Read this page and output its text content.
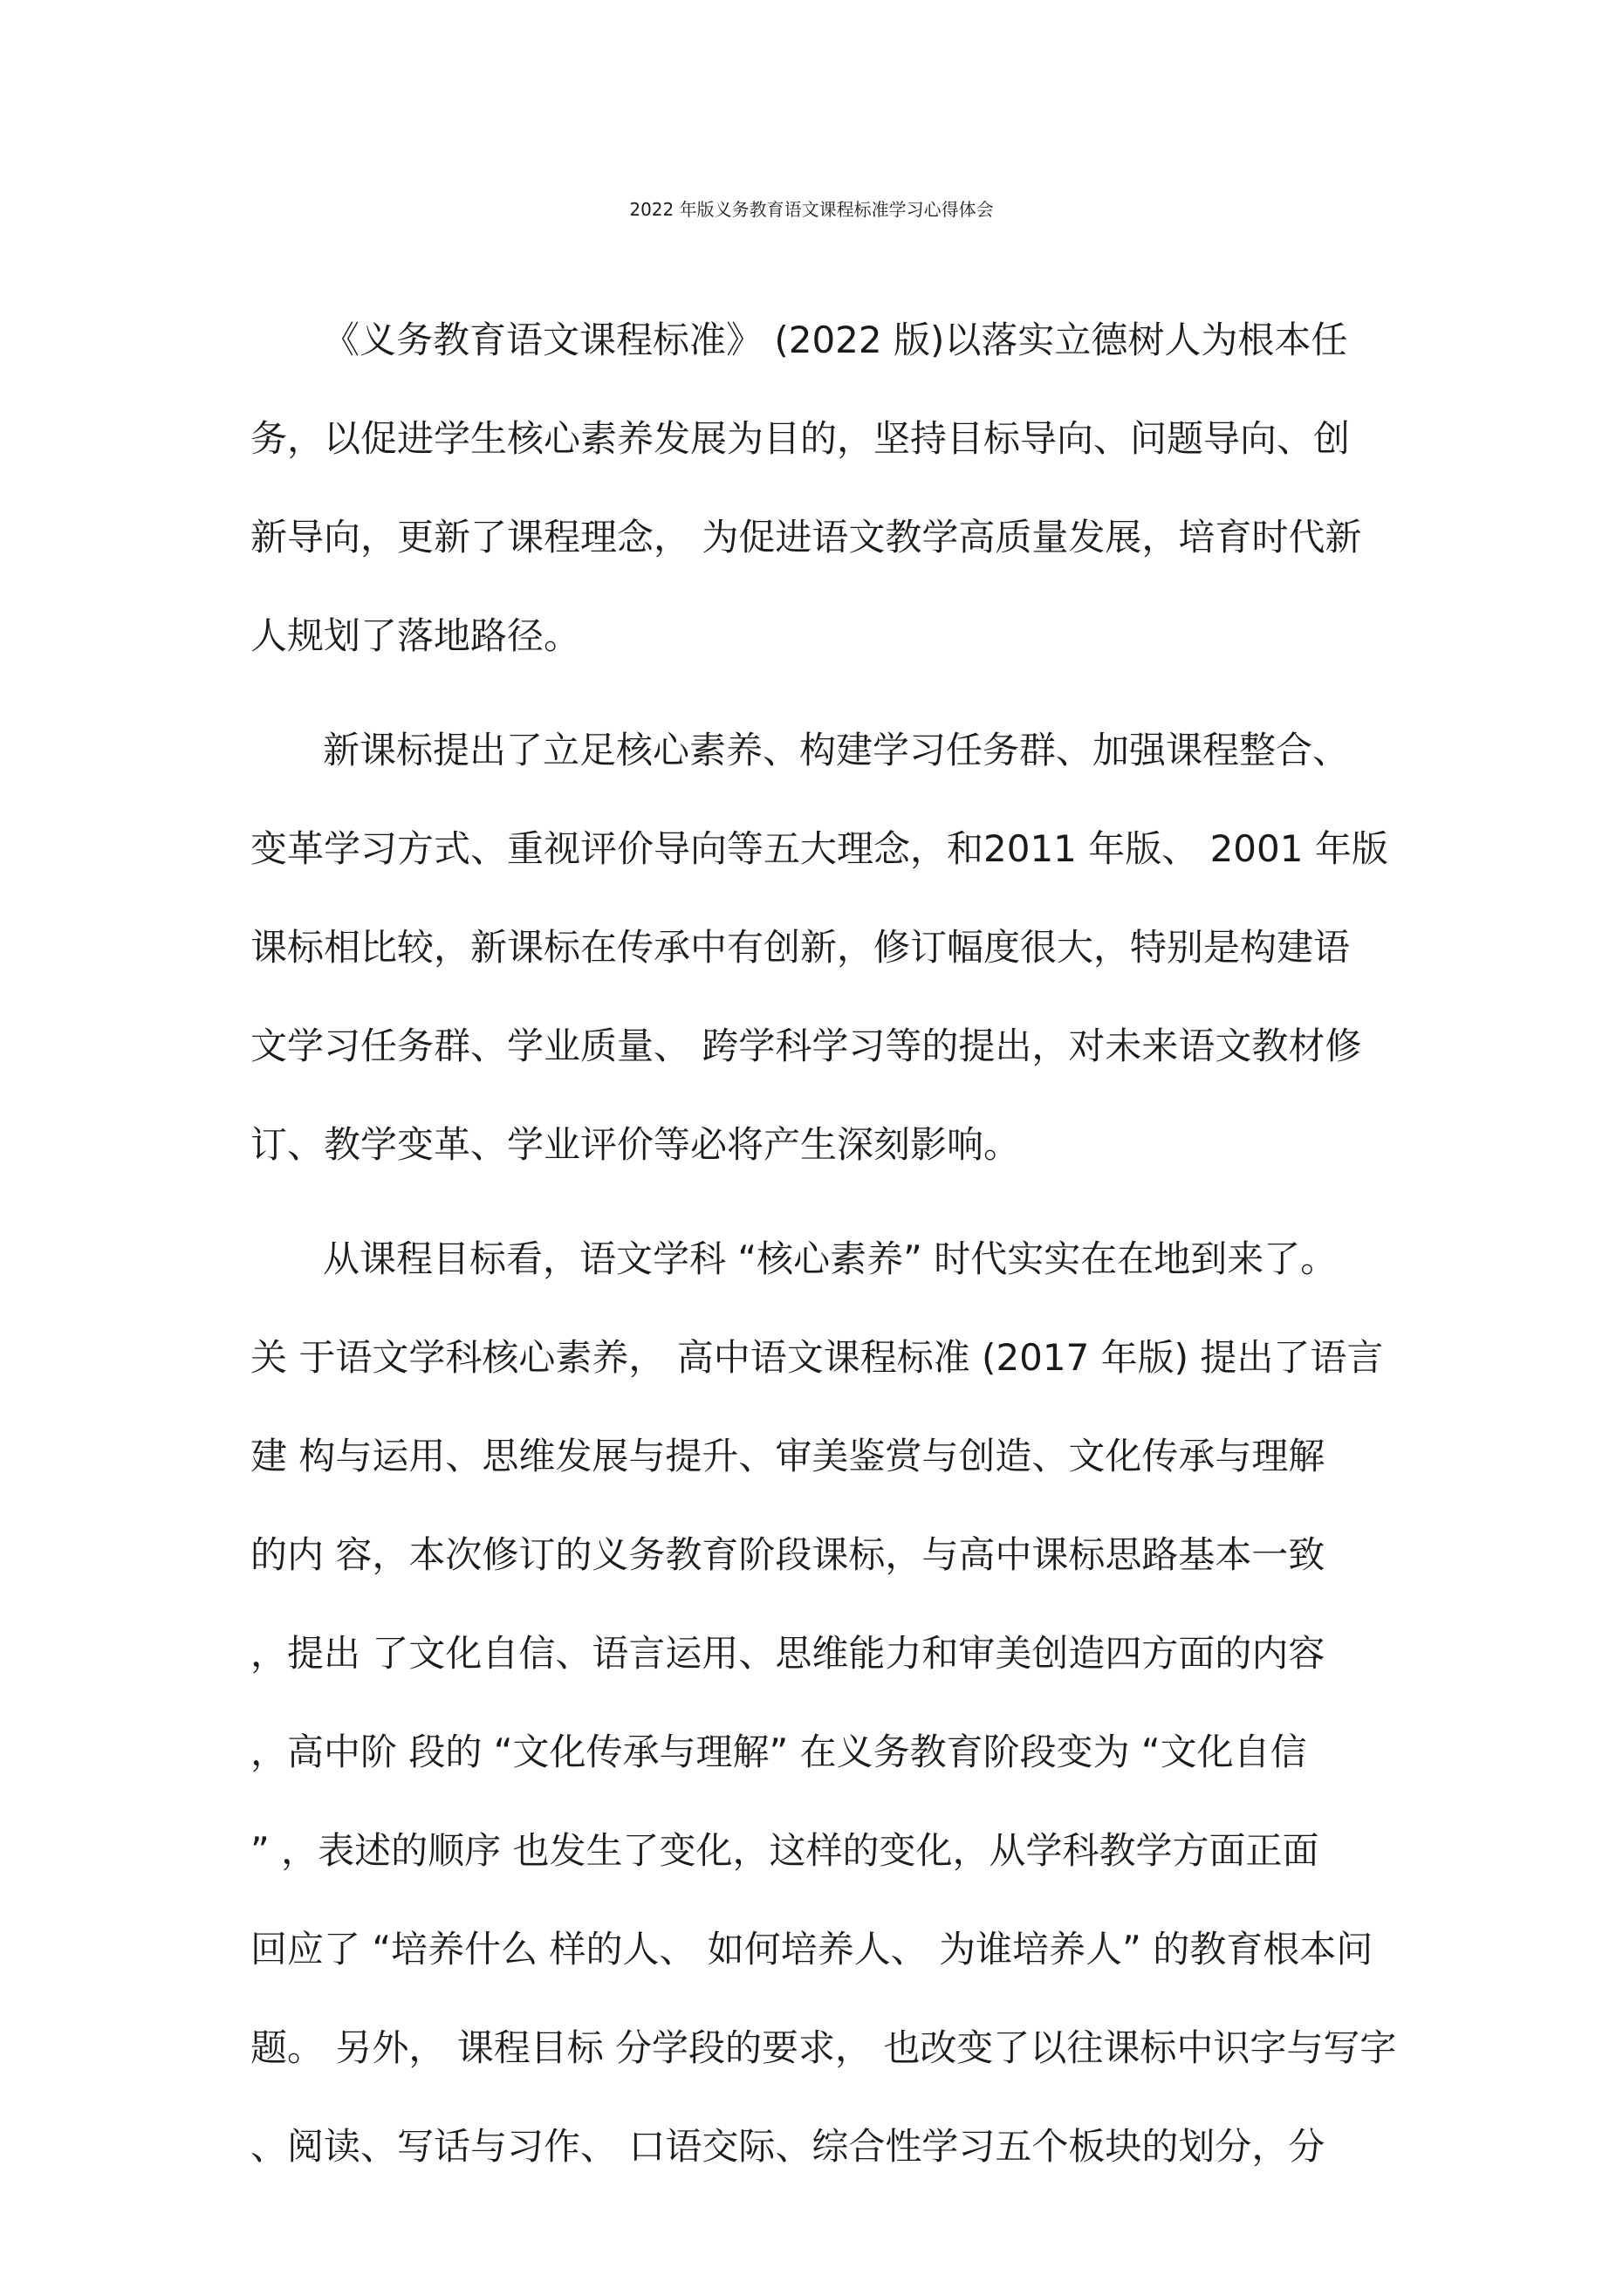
2022 年版义务教育语文课程标准学习心得体会

《义务教育语文课程标准》 (2022 版)以落实立德树人为根本任

务，以促进学生核心素养发展为目的，坚持目标导向、问题导向、创

新导向，更新了课程理念， 为促进语文教学高质量发展，培育时代新

人规划了落地路径。

新课标提出了立足核心素养、构建学习任务群、加强课程整合、

变革学习方式、重视评价导向等五大理念，和2011 年版、 2001 年版

课标相比较，新课标在传承中有创新，修订幅度很大，特别是构建语

文学习任务群、学业质量、 跨学科学习等的提出，对未来语文教材修

订、教学变革、学业评价等必将产生深刻影响。

从课程目标看，语文学科 “核心素养” 时代实实在在地到来了。

关 于语文学科核心素养， 高中语文课程标准 (2017 年版) 提出了语言

建 构与运用、思维发展与提升、审美鉴赏与创造、文化传承与理解

的内 容，本次修订的义务教育阶段课标，与高中课标思路基本一致

，提出 了文化自信、语言运用、思维能力和审美创造四方面的内容

，高中阶 段的 “文化传承与理解” 在义务教育阶段变为 “文化自信

” ，表述的顺序 也发生了变化，这样的变化，从学科教学方面正面

回应了 “培养什么 样的人、 如何培养人、 为谁培养人” 的教育根本问

题。 另外， 课程目标 分学段的要求， 也改变了以往课标中识字与写字

、阅读、写话与习作、 口语交际、综合性学习五个板块的划分，分
